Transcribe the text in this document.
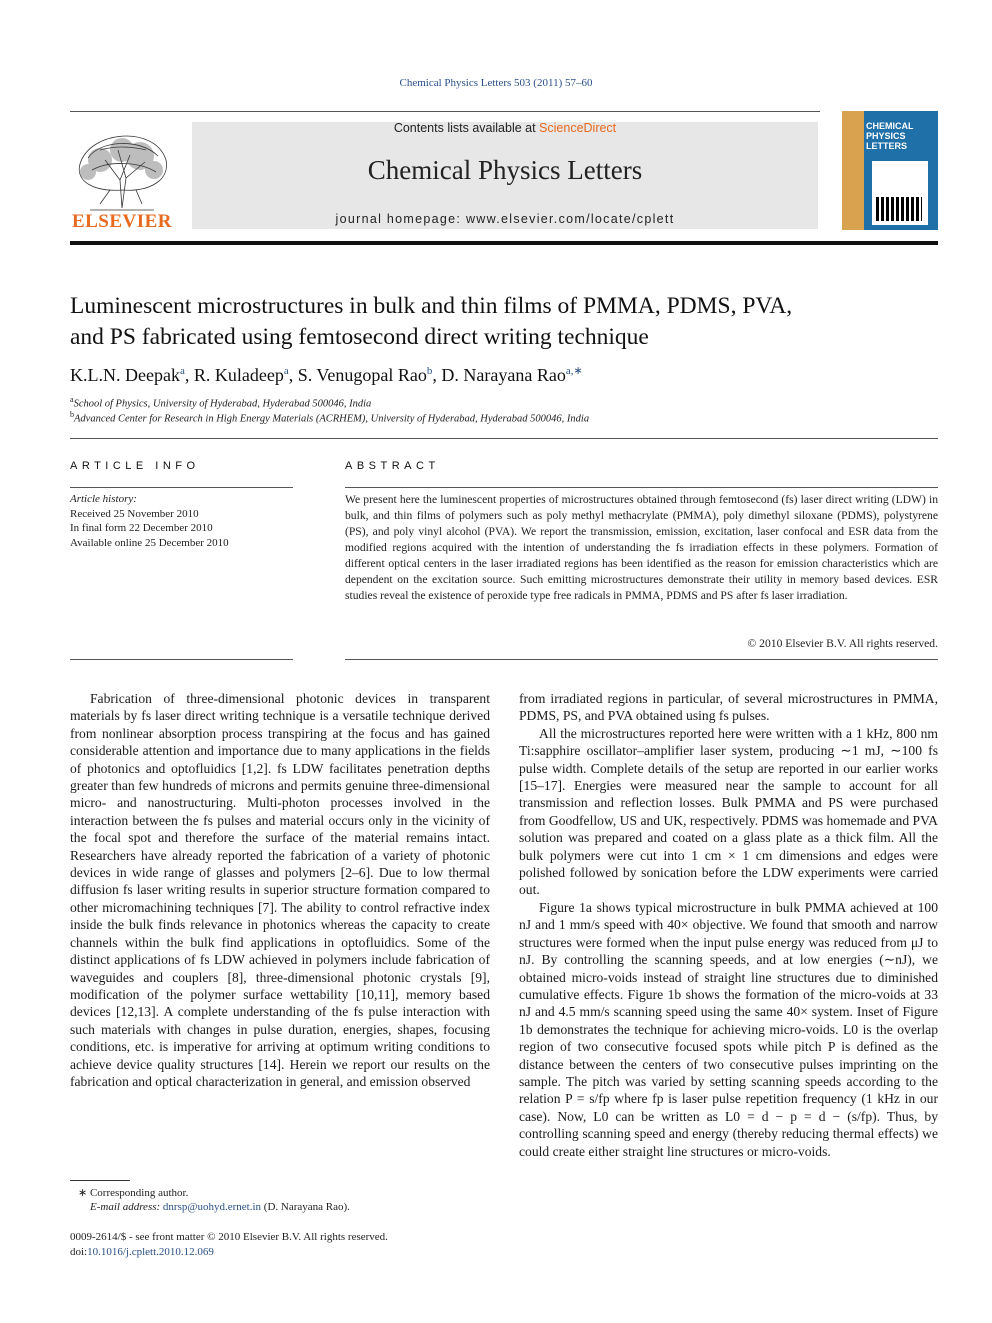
Chemical Physics Letters 503 (2011) 57–60
ELSEVIER
Contents lists available at ScienceDirect
Chemical Physics Letters
journal homepage: www.elsevier.com/locate/cplett
CHEMICAL PHYSICS LETTERS
Luminescent microstructures in bulk and thin films of PMMA, PDMS, PVA,
and PS fabricated using femtosecond direct writing technique
K.L.N. Deepak$^a$, R. Kuladeep$^a$, S. Venugopal Rao$^b$, D. Narayana Rao$^{a,∗}$
$^a$School of Physics, University of Hyderabad, Hyderabad 500046, India
$^b$Advanced Center for Research in High Energy Materials (ACRHEM), University of Hyderabad, Hyderabad 500046, India
ARTICLE INFO
Article history:
Received 25 November 2010
In final form 22 December 2010
Available online 25 December 2010
ABSTRACT
We present here the luminescent properties of microstructures obtained through femtosecond (fs) laser direct writing (LDW) in bulk, and thin films of polymers such as poly methyl methacrylate (PMMA), poly dimethyl siloxane (PDMS), polystyrene (PS), and poly vinyl alcohol (PVA). We report the transmission, emission, excitation, laser confocal and ESR data from the modified regions acquired with the intention of understanding the fs irradiation effects in these polymers. Formation of different optical centers in the laser irradiated regions has been identified as the reason for emission characteristics which are dependent on the excitation source. Such emitting microstructures demonstrate their utility in memory based devices. ESR studies reveal the existence of peroxide type free radicals in PMMA, PDMS and PS after fs laser irradiation.
© 2010 Elsevier B.V. All rights reserved.

Fabrication of three-dimensional photonic devices in transparent materials by fs laser direct writing technique is a versatile technique derived from nonlinear absorption process transpiring at the focus and has gained considerable attention and importance due to many applications in the fields of photonics and optofluidics [1,2]. fs LDW facilitates penetration depths greater than few hundreds of microns and permits genuine three-dimensional micro- and nanostructuring. Multi-photon processes involved in the interaction between the fs pulses and material occurs only in the vicinity of the focal spot and therefore the surface of the material remains intact. Researchers have already reported the fabrication of a variety of photonic devices in wide range of glasses and polymers [2–6]. Due to low thermal diffusion fs laser writing results in superior structure formation compared to other micromachining techniques [7]. The ability to control refractive index inside the bulk finds relevance in photonics whereas the capacity to create channels within the bulk find applications in optofluidics. Some of the distinct applications of fs LDW achieved in polymers include fabrication of waveguides and couplers [8], three-dimensional photonic crystals [9], modification of the polymer surface wettability [10,11], memory based devices [12,13]. A complete understanding of the fs pulse interaction with such materials with changes in pulse duration, energies, shapes, focusing conditions, etc. is imperative for arriving at optimum writing conditions to achieve device quality structures [14]. Herein we report our results on the fabrication and optical characterization in general, and emission observed

from irradiated regions in particular, of several microstructures in PMMA, PDMS, PS, and PVA obtained using fs pulses.

All the microstructures reported here were written with a 1 kHz, 800 nm Ti:sapphire oscillator–amplifier laser system, producing ∼1 mJ, ∼100 fs pulse width. Complete details of the setup are reported in our earlier works [15–17]. Energies were measured near the sample to account for all transmission and reflection losses. Bulk PMMA and PS were purchased from Goodfellow, US and UK, respectively. PDMS was homemade and PVA solution was prepared and coated on a glass plate as a thick film. All the bulk polymers were cut into 1 cm × 1 cm dimensions and edges were polished followed by sonication before the LDW experiments were carried out.

Figure 1a shows typical microstructure in bulk PMMA achieved at 100 nJ and 1 mm/s speed with 40× objective. We found that smooth and narrow structures were formed when the input pulse energy was reduced from μJ to nJ. By controlling the scanning speeds, and at low energies (∼nJ), we obtained micro-voids instead of straight line structures due to diminished cumulative effects. Figure 1b shows the formation of the micro-voids at 33 nJ and 4.5 mm/s scanning speed using the same 40× system. Inset of Figure 1b demonstrates the technique for achieving micro-voids. L0 is the overlap region of two consecutive focused spots while pitch P is defined as the distance between the centers of two consecutive pulses imprinting on the sample. The pitch was varied by setting scanning speeds according to the relation P = s/fp where fp is laser pulse repetition frequency (1 kHz in our case). Now, L0 can be written as L0 = d − p = d − (s/fp). Thus, by controlling scanning speed and energy (thereby reducing thermal effects) we could create either straight line structures or micro-voids.

∗ Corresponding author.
E-mail address: dnrsp@uohyd.ernet.in (D. Narayana Rao).
0009-2614/$ - see front matter © 2010 Elsevier B.V. All rights reserved.
doi:10.1016/j.cplett.2010.12.069
